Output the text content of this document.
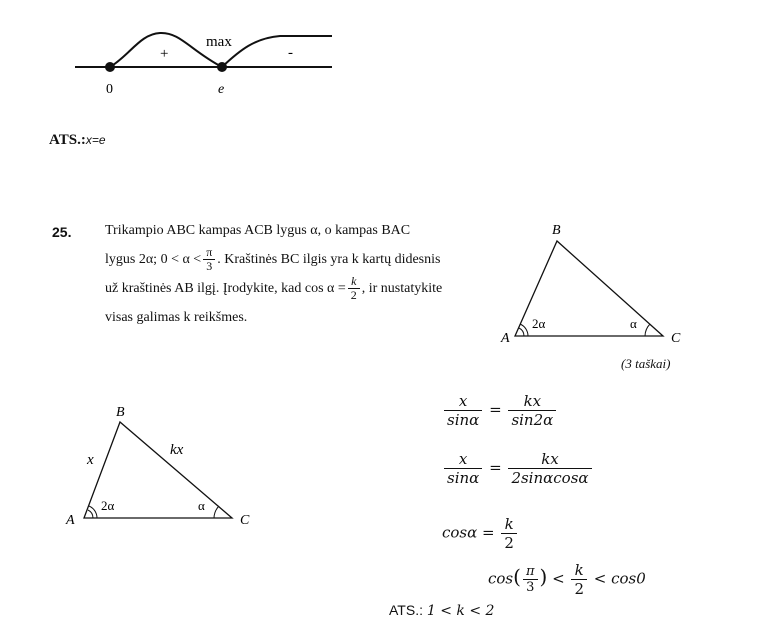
0	e
max
+	-
ATS.:x=e
25. Trikampio ABC kampas ACB lygus α, o kampas BAC
lygus 2α; $0 < \alpha < \frac{\pi}{3}$ . Kraštinės BC ilgis yra k kartų didesnis
už kraštinės AB ilgį. Įrodykite, kad $\cos \alpha = \frac{k}{2}$ , ir nustatykite
visas galimas k reikšmes.
A
B
C
2α	α
(3 taškai)
A
B
C
x
kx
2α	α
$\frac{x}{\sin\alpha} = \frac{kx}{\sin 2\alpha}$
$\frac{x}{\sin\alpha} = \frac{kx}{2\sin\alpha\cos\alpha}$
$\cos\alpha = \frac{k}{2}$
$\cos( \frac{\pi}{3}$ ) < $\frac{k}{2} < \cos 0$
ATS.: 1 < k < 2
